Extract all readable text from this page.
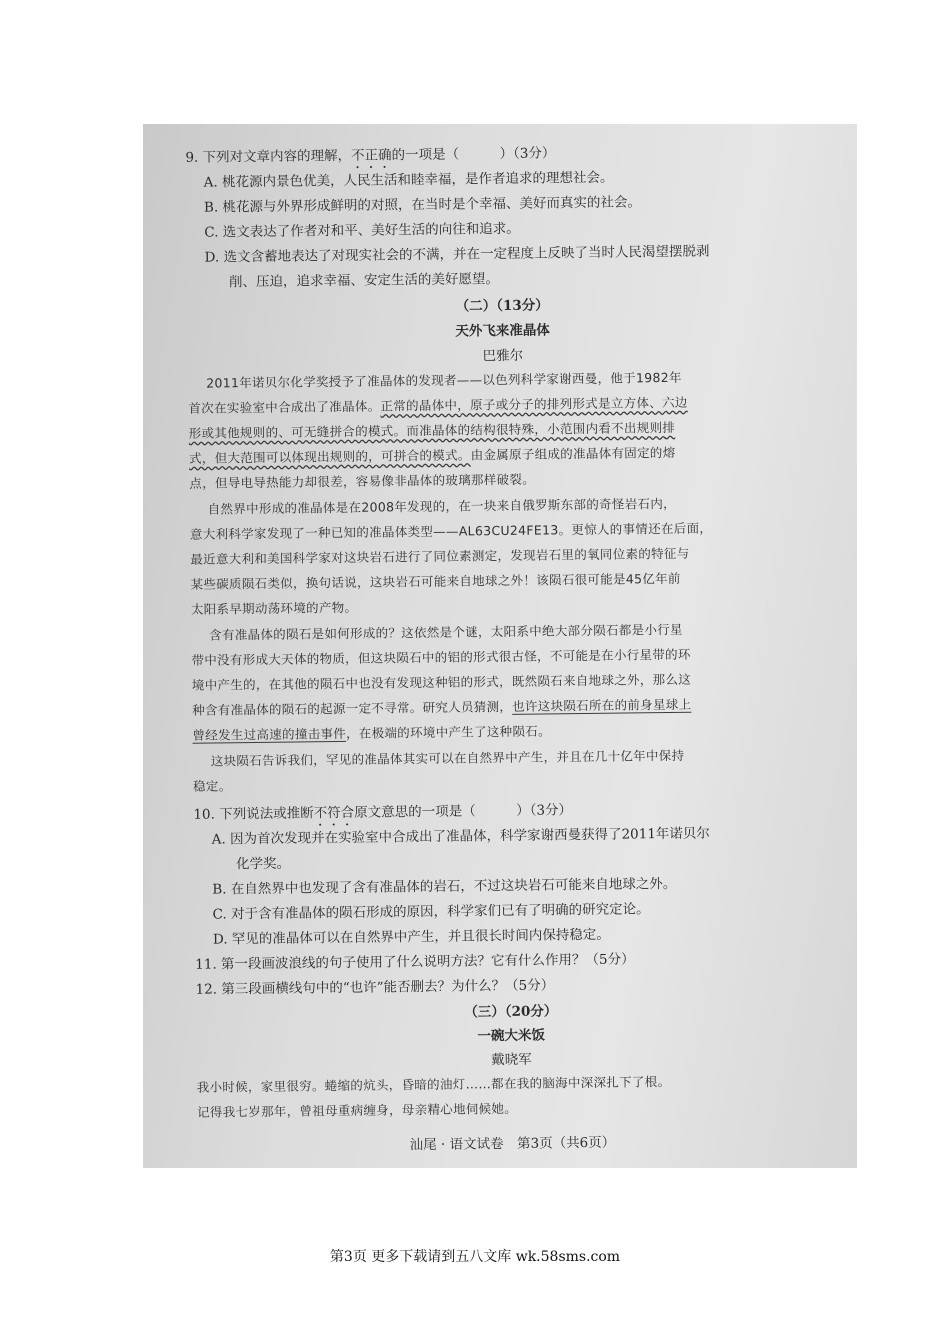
9. 下列对文章内容的理解，不正确的一项是（　　　）（3分）
A. 桃花源内景色优美，人民生活和睦幸福，是作者追求的理想社会。
B. 桃花源与外界形成鲜明的对照，在当时是个幸福、美好而真实的社会。
C. 选文表达了作者对和平、美好生活的向往和追求。
D. 选文含蓄地表达了对现实社会的不满，并在一定程度上反映了当时人民渴望摆脱剥
削、压迫，追求幸福、安定生活的美好愿望。
（二）（13分）
天外飞来准晶体
巴雅尔
2011年诺贝尔化学奖授予了准晶体的发现者——以色列科学家谢西曼，他于1982年
首次在实验室中合成出了准晶体。正常的晶体中，原子或分子的排列形式是立方体、六边
形或其他规则的、可无缝拼合的模式。而准晶体的结构很特殊，小范围内看不出规则排
式，但大范围可以体现出规则的，可拼合的模式。由金属原子组成的准晶体有固定的熔
点，但导电导热能力却很差，容易像非晶体的玻璃那样破裂。
自然界中形成的准晶体是在2008年发现的，在一块来自俄罗斯东部的奇怪岩石内，
意大利科学家发现了一种已知的准晶体类型——AL63CU24FE13。更惊人的事情还在后面，
最近意大利和美国科学家对这块岩石进行了同位素测定，发现岩石里的氧同位素的特征与
某些碳质陨石类似，换句话说，这块岩石可能来自地球之外！该陨石很可能是45亿年前
太阳系早期动荡环境的产物。
含有准晶体的陨石是如何形成的？这依然是个谜，太阳系中绝大部分陨石都是小行星
带中没有形成大天体的物质，但这块陨石中的铝的形式很古怪，不可能是在小行星带的环
境中产生的，在其他的陨石中也没有发现这种铝的形式，既然陨石来自地球之外，那么这
种含有准晶体的陨石的起源一定不寻常。研究人员猜测，也许这块陨石所在的前身星球上
曾经发生过高速的撞击事件，在极端的环境中产生了这种陨石。
这块陨石告诉我们，罕见的准晶体其实可以在自然界中产生，并且在几十亿年中保持
稳定。
10. 下列说法或推断不符合原文意思的一项是（　　　）（3分）
A. 因为首次发现并在实验室中合成出了准晶体，科学家谢西曼获得了2011年诺贝尔
化学奖。
B. 在自然界中也发现了含有准晶体的岩石，不过这块岩石可能来自地球之外。
C. 对于含有准晶体的陨石形成的原因，科学家们已有了明确的研究定论。
D. 罕见的准晶体可以在自然界中产生，并且很长时间内保持稳定。
11. 第一段画波浪线的句子使用了什么说明方法？它有什么作用？（5分）
12. 第三段画横线句中的“也许”能否删去？为什么？（5分）
（三）（20分）
一碗大米饭
戴晓军
我小时候，家里很穷。蜷缩的炕头，昏暗的油灯……都在我的脑海中深深扎下了根。
记得我七岁那年，曾祖母重病缠身，母亲精心地伺候她。
汕尾 · 语文试卷　第3页（共6页）
第3页 更多下载请到五八文库 wk.58sms.com
